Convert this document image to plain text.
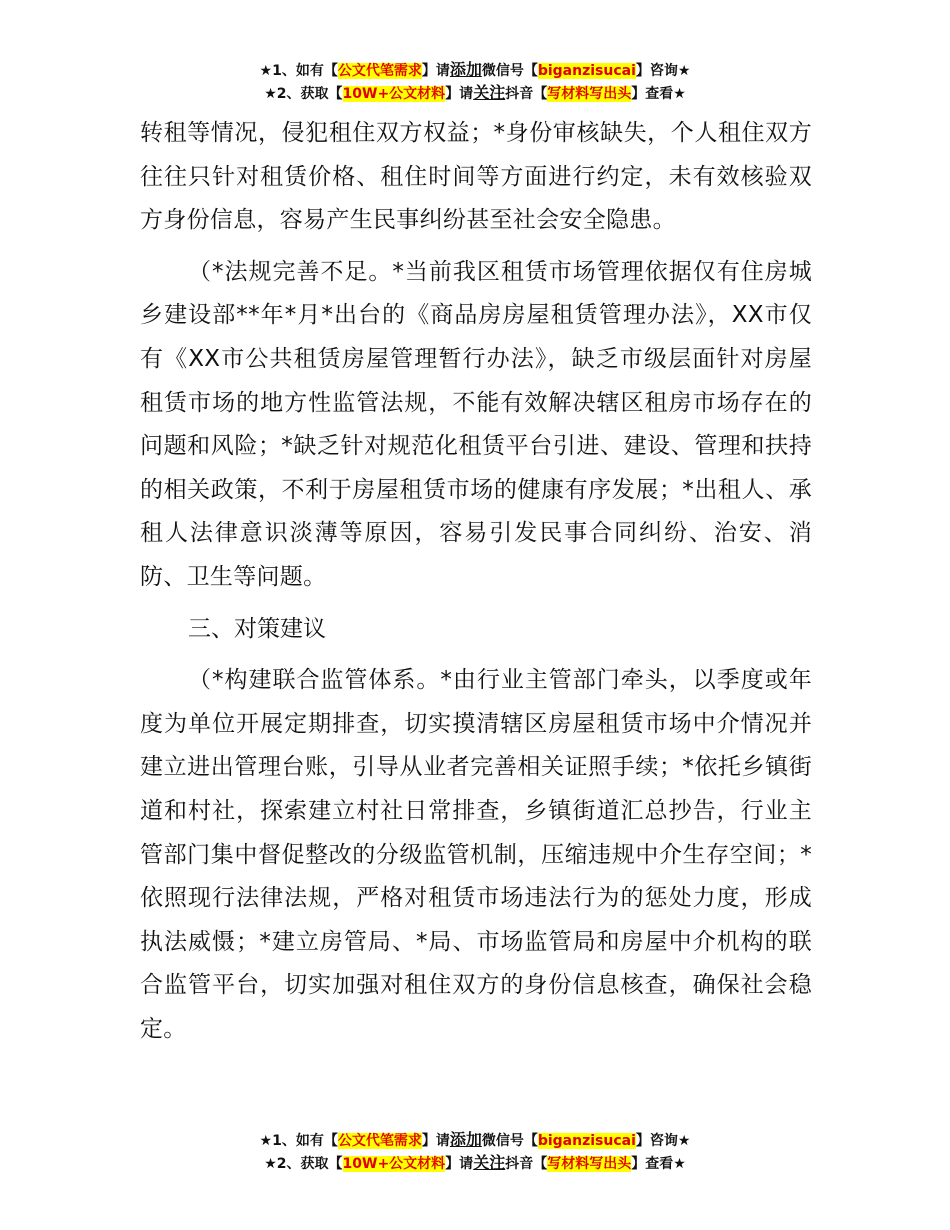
★1、如有【公文代笔需求】请添加微信号【biganzisucai】咨询★
★2、获取【10W+公文材料】请关注抖音【写材料写出头】查看★

转租等情况，侵犯租住双方权益；*身份审核缺失，个人租住双方往往只针对租赁价格、租住时间等方面进行约定，未有效核验双方身份信息，容易产生民事纠纷甚至社会安全隐患。

（*法规完善不足。*当前我区租赁市场管理依据仅有住房城乡建设部**年*月*出台的《商品房房屋租赁管理办法》，XX市仅有《XX市公共租赁房屋管理暂行办法》，缺乏市级层面针对房屋租赁市场的地方性监管法规，不能有效解决辖区租房市场存在的问题和风险；*缺乏针对规范化租赁平台引进、建设、管理和扶持的相关政策，不利于房屋租赁市场的健康有序发展；*出租人、承租人法律意识淡薄等原因，容易引发民事合同纠纷、治安、消防、卫生等问题。

三、对策建议

（*构建联合监管体系。*由行业主管部门牵头，以季度或年度为单位开展定期排查，切实摸清辖区房屋租赁市场中介情况并建立进出管理台账，引导从业者完善相关证照手续；*依托乡镇街道和村社，探索建立村社日常排查，乡镇街道汇总抄告，行业主管部门集中督促整改的分级监管机制，压缩违规中介生存空间；*依照现行法律法规，严格对租赁市场违法行为的惩处力度，形成执法威慑；*建立房管局、*局、市场监管局和房屋中介机构的联合监管平台，切实加强对租住双方的身份信息核查，确保社会稳定。

★1、如有【公文代笔需求】请添加微信号【biganzisucai】咨询★
★2、获取【10W+公文材料】请关注抖音【写材料写出头】查看★
